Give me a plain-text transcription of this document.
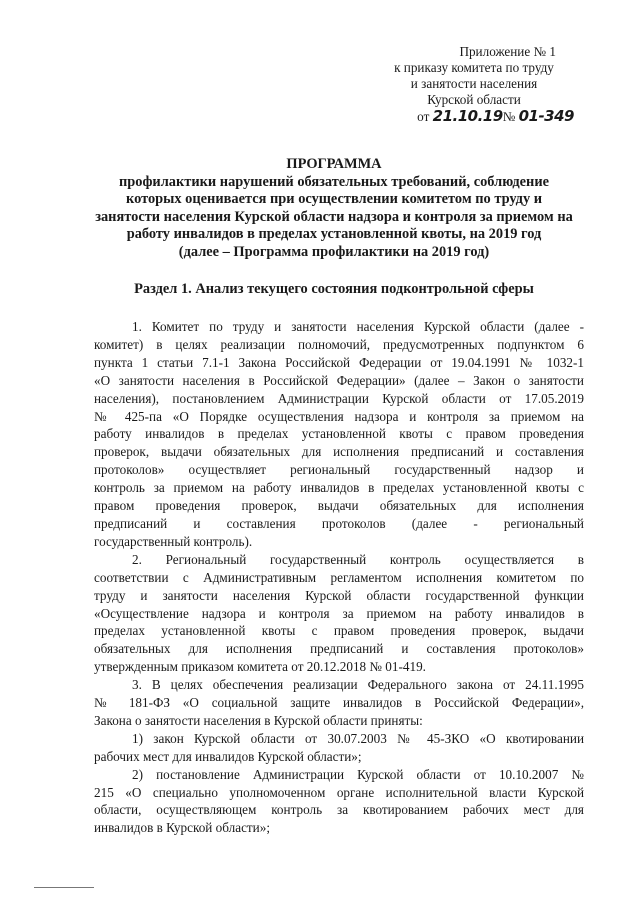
Приложение № 1
к приказу комитета по труду
и занятости населения
Курской области
от 21.10.19№ 01-349
ПРОГРАММА
профилактики нарушений обязательных требований, соблюдение
которых оценивается при осуществлении комитетом по труду и
занятости населения Курской области надзора и контроля за приемом на
работу инвалидов в пределах установленной квоты, на 2019 год
(далее – Программа профилактики на 2019 год)
Раздел 1. Анализ текущего состояния подконтрольной сферы
1. Комитет по труду и занятости населения Курской области (далее -
комитет) в целях реализации полномочий, предусмотренных подпунктом 6
пункта 1 статьи 7.1-1 Закона Российской Федерации от 19.04.1991 № 1032-1
«О занятости населения в Российской Федерации» (далее – Закон о занятости
населения), постановлением Администрации Курской области от 17.05.2019
№ 425-па «О Порядке осуществления надзора и контроля за приемом на
работу инвалидов в пределах установленной квоты с правом проведения
проверок, выдачи обязательных для исполнения предписаний и составления
протоколов» осуществляет региональный государственный надзор и
контроль за приемом на работу инвалидов в пределах установленной квоты с
правом проведения проверок, выдачи обязательных для исполнения
предписаний и составления протоколов (далее - региональный
государственный контроль).
2. Региональный государственный контроль осуществляется в
соответствии с Административным регламентом исполнения комитетом по
труду и занятости населения Курской области государственной функции
«Осуществление надзора и контроля за приемом на работу инвалидов в
пределах установленной квоты с правом проведения проверок, выдачи
обязательных для исполнения предписаний и составления протоколов»
утвержденным приказом комитета от 20.12.2018 № 01-419.
3. В целях обеспечения реализации Федерального закона от 24.11.1995
№ 181-ФЗ «О социальной защите инвалидов в Российской Федерации»,
Закона о занятости населения в Курской области приняты:
1) закон Курской области от 30.07.2003 № 45-ЗКО «О квотировании
рабочих мест для инвалидов Курской области»;
2) постановление Администрации Курской области от 10.10.2007 №
215 «О специально уполномоченном органе исполнительной власти Курской
области, осуществляющем контроль за квотированием рабочих мест для
инвалидов в Курской области»;
